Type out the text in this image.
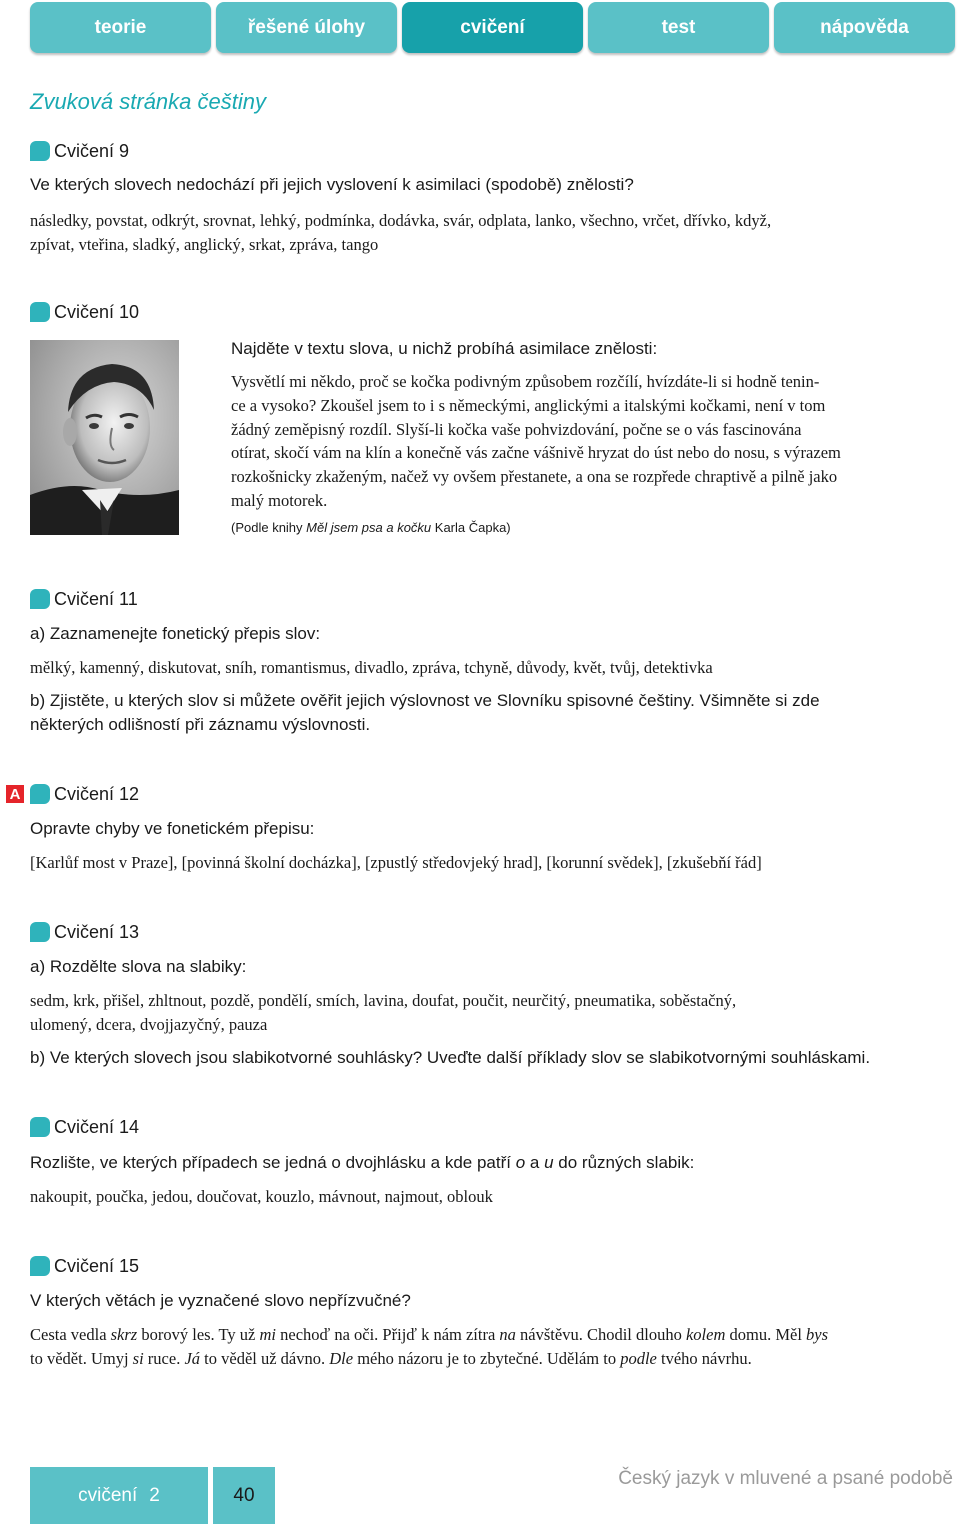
teorie	řešené úlohy	cvičení	test	nápověda
Zvuková stránka češtiny
Cvičení 9
Ve kterých slovech nedochází při jejich vyslovení k asimilaci (spodobě) znělosti?
následky, povstat, odkrýt, srovnat, lehký, podmínka, dodávka, svár, odplata, lanko, všechno, vrčet, dřívko, když,
zpívat, vteřina, sladký, anglický, srkat, zpráva, tango
Cvičení 10
Najděte v textu slova, u nichž probíhá asimilace znělosti:
Vysvětlí mi někdo, proč se kočka podivným způsobem rozčílí, hvízdáte-li si hodně tenin-
ce a vysoko? Zkoušel jsem to i s německými, anglickými a italskými kočkami, není v tom
žádný zeměpisný rozdíl. Slyší-li kočka vaše pohvizdování, počne se o vás fascinována
otírat, skočí vám na klín a konečně vás začne vášnivě hryzat do úst nebo do nosu, s výrazem
rozkošnicky zkaženým, načež vy ovšem přestanete, a ona se rozpřede chraptivě a pilně jako
malý motorek.
(Podle knihy Měl jsem psa a kočku Karla Čapka)
Cvičení 11
a) Zaznamenejte fonetický přepis slov:
mělký, kamenný, diskutovat, sníh, romantismus, divadlo, zpráva, tchyně, důvody, květ, tvůj, detektivka
b) Zjistěte, u kterých slov si můžete ověřit jejich výslovnost ve Slovníku spisovné češtiny. Všimněte si zde
některých odlišností při záznamu výslovnosti.
A Cvičení 12
Opravte chyby ve fonetickém přepisu:
[Karlůf most v Praze], [povinná školní docházka], [zpustlý středovjeký hrad], [korunní svědek], [zkušebňí řád]
Cvičení 13
a) Rozdělte slova na slabiky:
sedm, krk, přišel, zhltnout, pozdě, pondělí, smích, lavina, doufat, poučit, neurčitý, pneumatika, soběstačný,
ulomený, dcera, dvojjazyčný, pauza
b) Ve kterých slovech jsou slabikotvorné souhlásky? Uveďte další příklady slov se slabikotvornými souhláskami.
Cvičení 14
Rozlište, ve kterých případech se jedná o dvojhlásku a kde patří o a u do různých slabik:
nakoupit, poučka, jedou, doučovat, kouzlo, mávnout, najmout, oblouk
Cvičení 15
V kterých větách je vyznačené slovo nepřízvučné?
Cesta vedla skrz borový les. Ty už mi nechoď na oči. Přijď k nám zítra na návštěvu. Chodil dlouho kolem domu. Měl bys
to vědět. Umyj si ruce. Já to věděl už dávno. Dle mého názoru je to zbytečné. Udělám to podle tvého návrhu.
cvičení 2	40
Český jazyk v mluvené a psané podobě
